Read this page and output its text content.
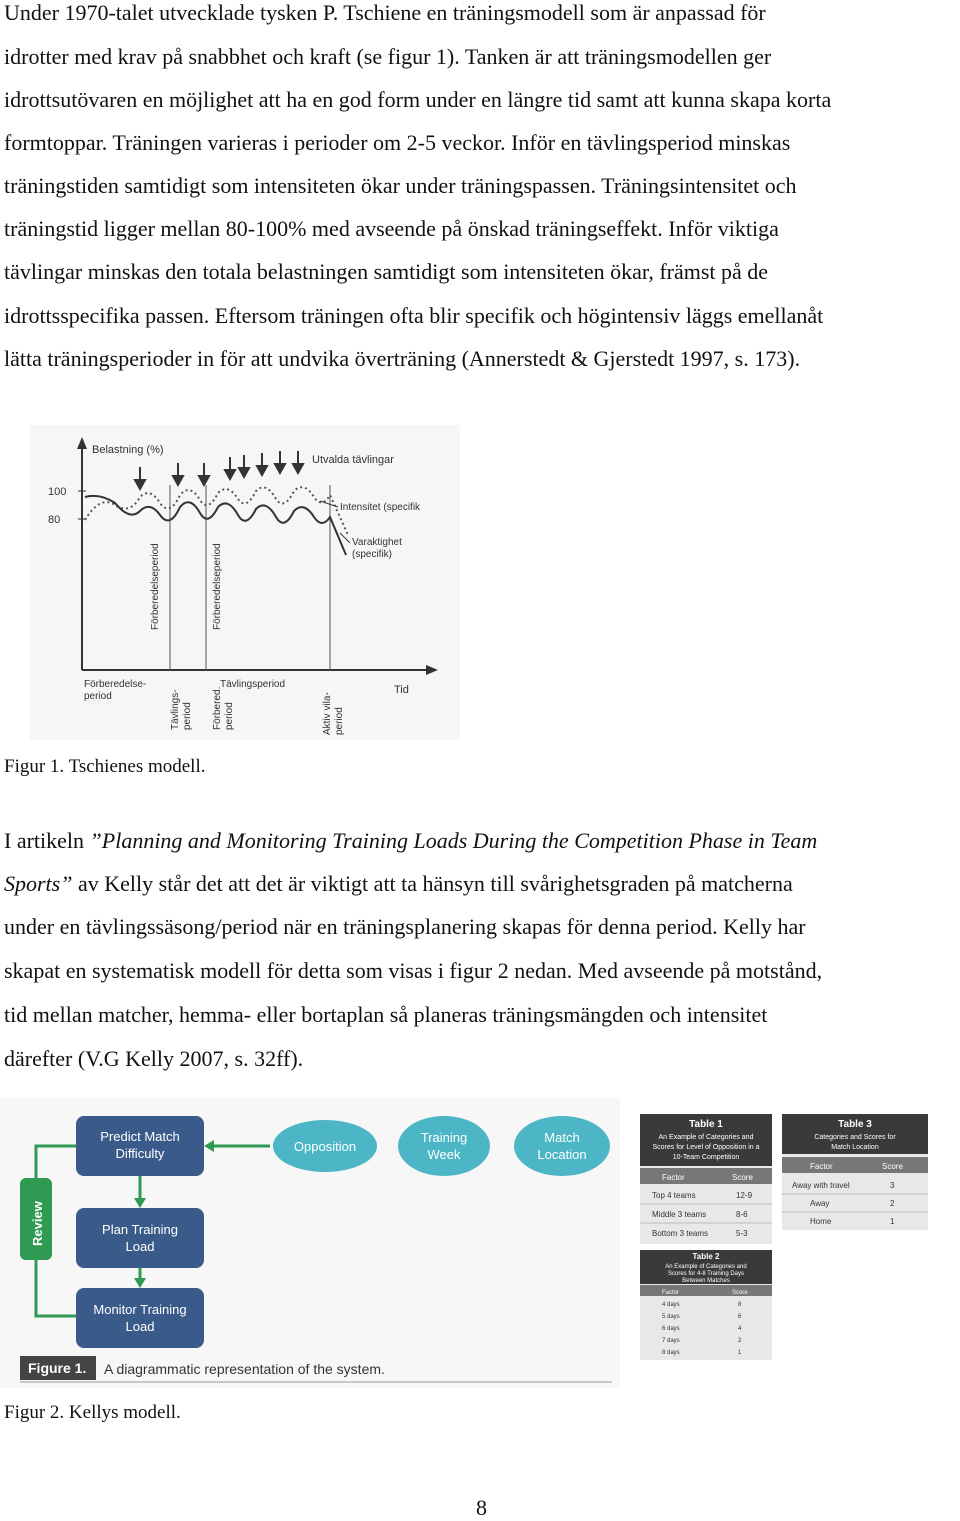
Under 1970-talet utvecklade tysken P. Tschiene en träningsmodell som är anpassad för
idrotter med krav på snabbhet och kraft (se figur 1). Tanken är att träningsmodellen ger
idrottsutövaren en möjlighet att ha en god form under en längre tid samt att kunna skapa korta
formtoppar. Träningen varieras i perioder om 2-5 veckor. Inför en tävlingsperiod minskas
träningstiden samtidigt som intensiteten ökar under träningspassen. Träningsintensitet och
träningstid ligger mellan 80-100% med avseende på önskad träningseffekt. Inför viktiga
tävlingar minskas den totala belastningen samtidigt som intensiteten ökar, främst på de
idrottsspecifika passen. Eftersom träningen ofta blir specifik och högintensiv läggs emellanåt
lätta träningsperioder in för att undvika överträning (Annerstedt & Gjerstedt 1997, s. 173).
Belastning (%)
100
80
Utvalda tävlingar
Intensitet (specifik
Varaktighet
(specifik)
Förberedelseperiod	Förberedelseperiod
Förberedelse-
period
Tävlingsperiod	Tid
Tävlings- period Förbered. period	Aktiv vila- period
Figur 1. Tschienes modell.
I artikeln ”Planning and Monitoring Training Loads During the Competition Phase in Team
Sports” av Kelly står det att det är viktigt att ta hänsyn till svårighetsgraden på matcherna
under en tävlingssäsong/period när en träningsplanering skapas för denna period. Kelly har
skapat en systematisk modell för detta som visas i figur 2 nedan. Med avseende på motstånd,
tid mellan matcher, hemma- eller bortaplan så planeras träningsmängden och intensitet
därefter (V.G Kelly 2007, s. 32ff).
Review
Predict Match
Difficulty
Plan Training
Load
Monitor Training
Load
Opposition
Training
Week
Match
Location
Figure 1. A diagrammatic representation of the system.
Table 1
An Example of Categories and
Scores for Level of Opposition in a
10-Team Competition
Factor	Score
Top 4 teams	12-9
Middle 3 teams	8-6
Bottom 3 teams	5-3
Table 2
An Example of Categories and
Scores for 4-8 Training Days
Between Matches
Factor	Score
4 days	8
5 days	6
6 days	4
7 days	2
8 days	1
Table 3
Categories and Scores for
Match Location
Factor	Score
Away with travel	3
Away	2
Home	1
Figur 2. Kellys modell.
8
